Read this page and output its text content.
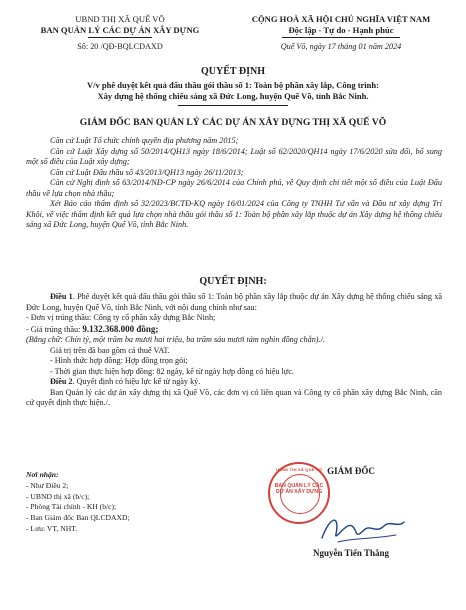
UBND THỊ XÃ QUẾ VÕ
BAN QUẢN LÝ CÁC DỰ ÁN XÂY DỰNG
Số: 20 /QĐ-BQLCDAXD
CỘNG HOÀ XÃ HỘI CHỦ NGHĨA VIỆT NAM
Độc lập - Tự do - Hạnh phúc
Quế Võ, ngày 17 tháng 01 năm 2024
QUYẾT ĐỊNH
V/v phê duyệt kết quả đấu thầu gói thầu số 1: Toàn bộ phần xây lắp, Công trình:
Xây dựng hệ thống chiếu sáng xã Đức Long, huyện Quế Võ, tỉnh Bắc Ninh.
GIÁM ĐỐC BAN QUẢN LÝ CÁC DỰ ÁN XÂY DỰNG THỊ XÃ QUẾ VÕ
Căn cứ Luật Tổ chức chính quyền địa phương năm 2015;
Căn cứ Luật Xây dựng số 50/2014/QH13 ngày 18/6/2014; Luật số 62/2020/QH14 ngày 17/6/2020 sửa đổi, bổ sung một số điều của Luật xây dựng;
Căn cứ Luật Đấu thầu số 43/2013/QH13 ngày 26/11/2013;
Căn cứ Nghị định số 63/2014/NĐ-CP ngày 26/6/2014 của Chính phủ, về Quy định chi tiết một số điều của Luật Đấu thầu về lựa chọn nhà thầu;
Xét Báo cáo thẩm định số 32/2023/BCTĐ-KQ ngày 16/01/2024 của Công ty TNHH Tư vấn và Đầu tư xây dựng Trí Khôi, về việc thẩm định kết quả lựa chọn nhà thầu gói thầu số 1: Toàn bộ phần xây lắp thuộc dự án Xây dựng hệ thống chiếu sáng xã Đức Long, huyện Quế Võ, tỉnh Bắc Ninh.
QUYẾT ĐỊNH:
Điều 1. Phê duyệt kết quả đấu thầu gói thầu số 1: Toàn bộ phần xây lắp thuộc dự án Xây dựng hệ thống chiếu sáng xã Đức Long, huyện Quế Võ, tỉnh Bắc Ninh, với nội dung chính như sau:
- Đơn vị trúng thầu: Công ty cổ phần xây dựng Bắc Ninh;
- Giá trúng thầu: 9.132.368.000 đồng;
(Bằng chữ: Chín tỷ, một trăm ba mươi hai triệu, ba trăm sáu mươi tám nghìn đồng chẵn)./.
Giá trị trên đã bao gồm cả thuế VAT.
- Hình thức hợp đồng: Hợp đồng trọn gói;
- Thời gian thực hiện hợp đồng: 82 ngày, kể từ ngày hợp đồng có hiệu lực.
Điều 2. Quyết định có hiệu lực kể từ ngày ký.
Ban Quản lý các dự án xây dựng thị xã Quế Võ, các đơn vị có liên quan và Công ty cổ phần xây dựng Bắc Ninh, căn cứ quyết định thực hiện./.
Nơi nhận:
- Như Điều 2;
- UBND thị xã (b/c);
- Phòng Tài chính - KH (b/c);
- Ban Giám đốc Ban QLCDAXD;
- Lưu: VT, NHT.
GIÁM ĐỐC
UBND THỊ XÃ QUẾ VÕ
BAN QUẢN LÝ CÁC DỰ ÁN XÂY DỰNG
Nguyễn Tiến Thắng
